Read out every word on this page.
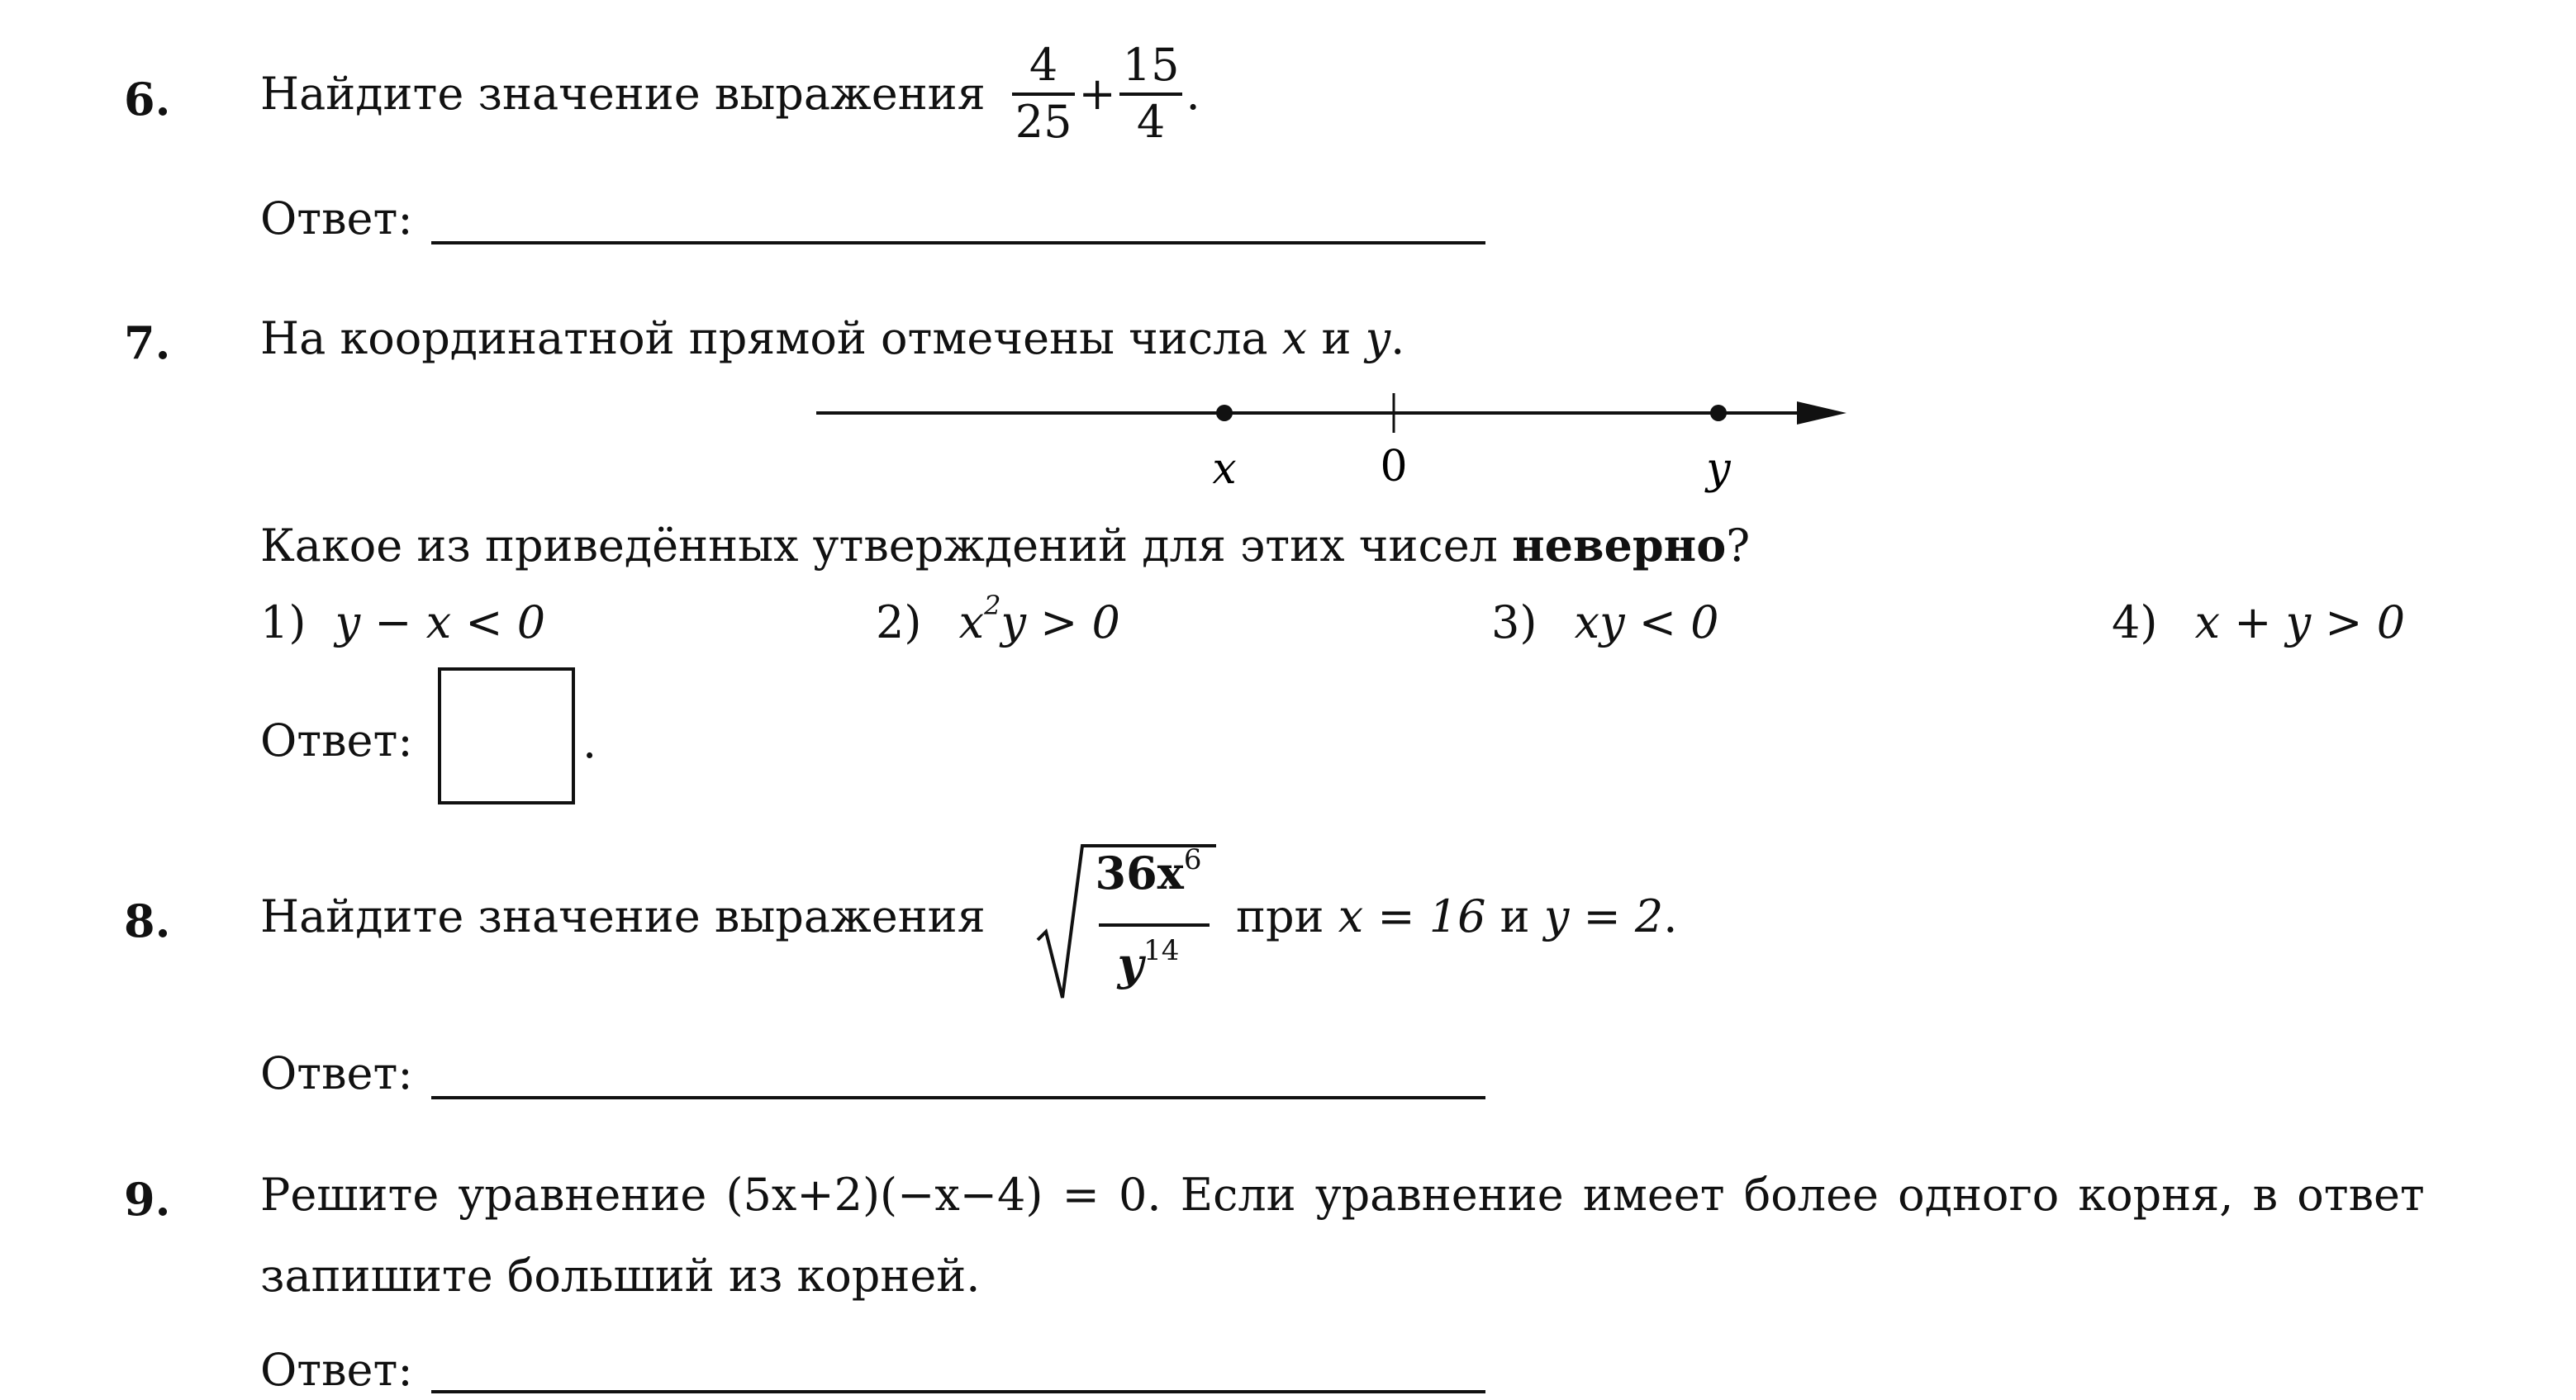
6. Найдите значение выражения $\frac{4}{25} + \frac{15}{4}$ .
Ответ:
7. На координатной прямой отмечены числа x и y.
x	0	y
Какое из приведённых утверждений для этих чисел неверно?
1) y − x < 0	2) $x^2y > 0$	3) xy < 0	4) x + y > 0
Ответ:	.
8. Найдите значение выражения
$36x^6$
$y^{14}$
при x = 16 и y = 2.
Ответ:
9. Решите уравнение (5x+2)(−x−4) = 0. Если уравнение имеет более одного корня, в ответ
запишите больший из корней.
Ответ:
